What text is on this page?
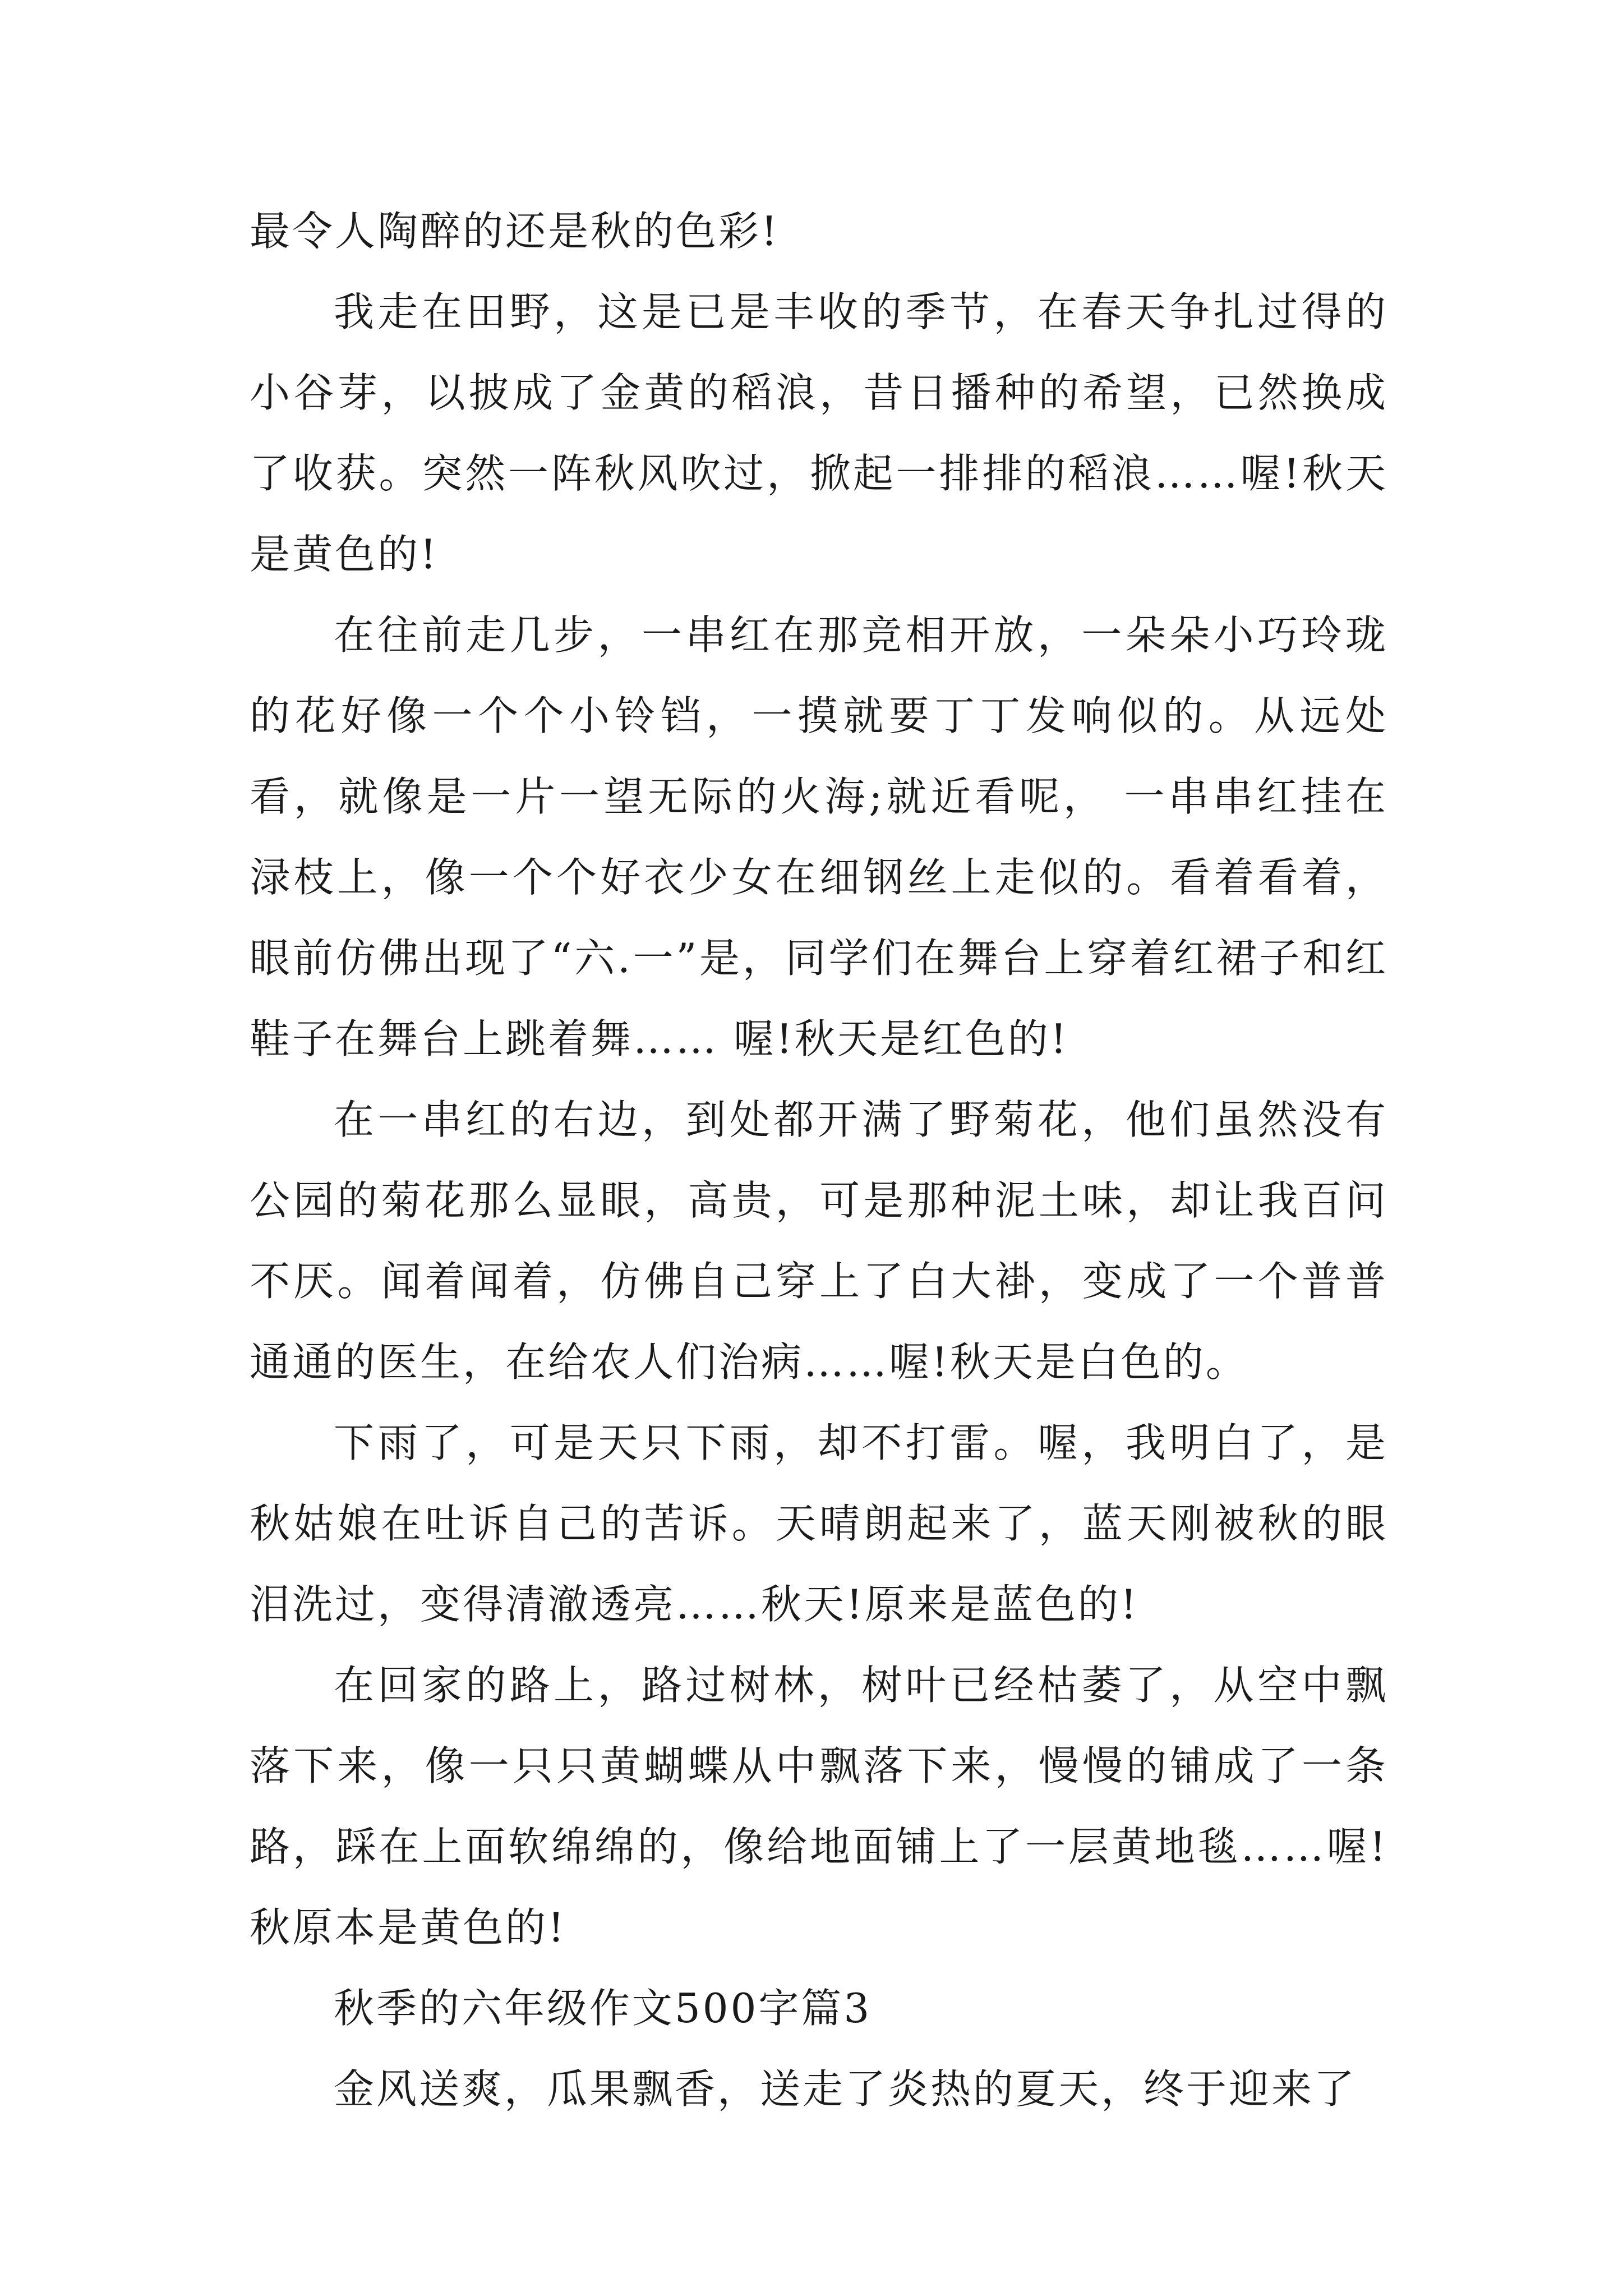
最令人陶醉的还是秋的色彩!

我走在田野，这是已是丰收的季节，在春天争扎过得的小谷芽，以披成了金黄的稻浪，昔日播种的希望，已然换成了收获。突然一阵秋风吹过，掀起一排排的稻浪……喔!秋天是黄色的!

在往前走几步，一串红在那竞相开放，一朵朵小巧玲珑的花好像一个个小铃铛，一摸就要丁丁发响似的。从远处看，就像是一片一望无际的火海;就近看呢， 一串串红挂在渌枝上，像一个个好衣少女在细钢丝上走似的。看着看着，眼前仿佛出现了“六.一”是，同学们在舞台上穿着红裙子和红鞋子在舞台上跳着舞…… 喔!秋天是红色的!

在一串红的右边，到处都开满了野菊花，他们虽然没有公园的菊花那么显眼，高贵，可是那种泥土味，却让我百问不厌。闻着闻着，仿佛自己穿上了白大褂，变成了一个普普通通的医生，在给农人们治病……喔!秋天是白色的。

下雨了，可是天只下雨，却不打雷。喔，我明白了，是秋姑娘在吐诉自己的苦诉。天晴朗起来了，蓝天刚被秋的眼泪洗过，变得清澈透亮……秋天!原来是蓝色的!

在回家的路上，路过树林，树叶已经枯萎了，从空中飘落下来，像一只只黄蝴蝶从中飘落下来，慢慢的铺成了一条路，踩在上面软绵绵的，像给地面铺上了一层黄地毯……喔!秋原本是黄色的!

秋季的六年级作文500字篇3

金风送爽，瓜果飘香，送走了炎热的夏天，终于迎来了
